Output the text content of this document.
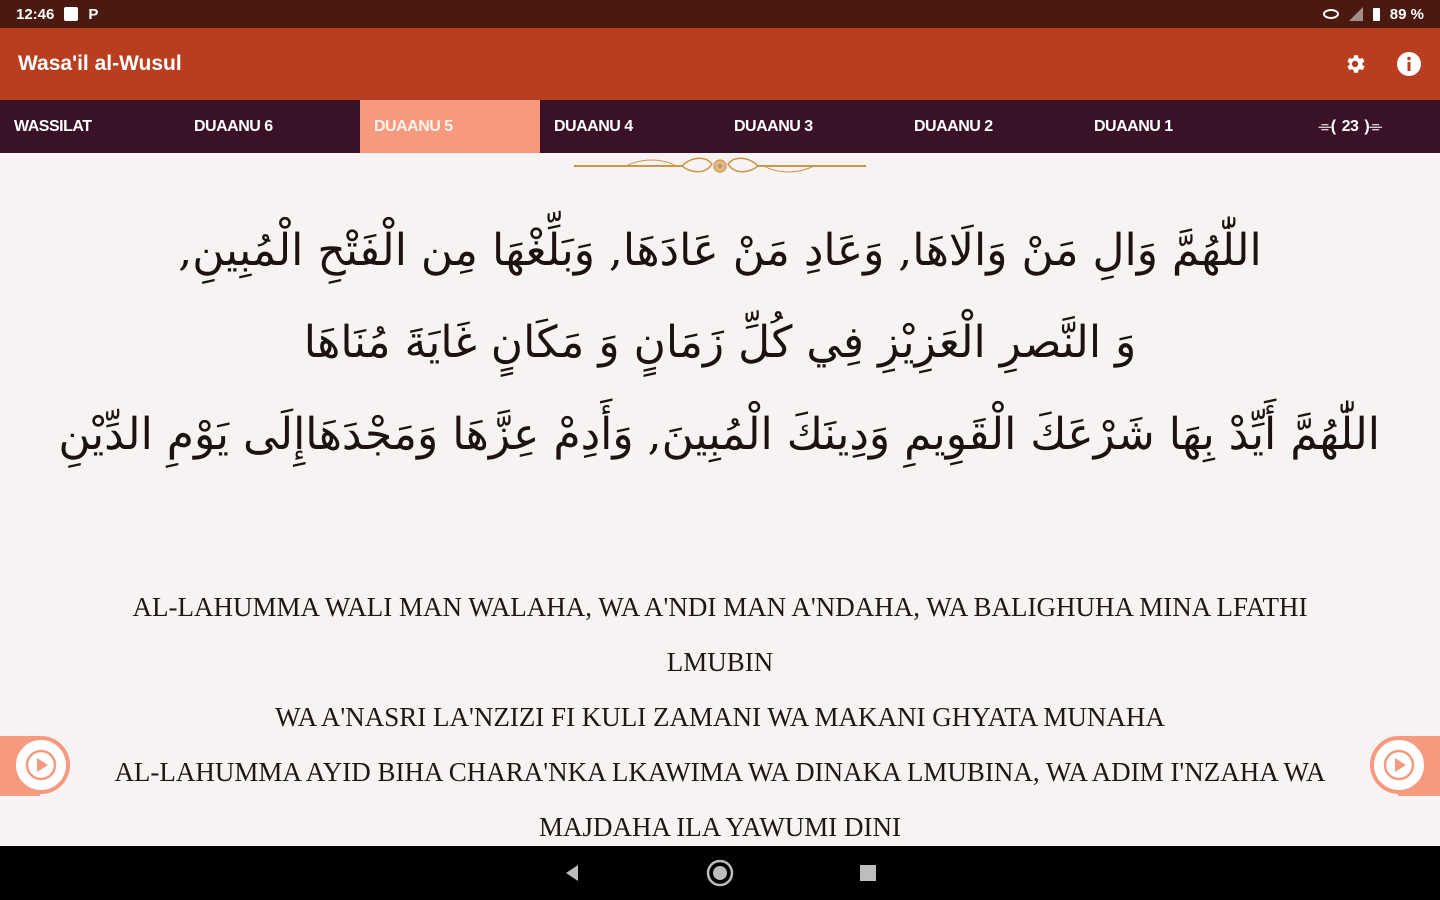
12:46 P	89 %
Wasa'il al-Wusul
WASSILAT	DUAANU 6	DUAANU 5	DUAANU 4	DUAANU 3	DUAANU 2	DUAANU 1	⌯( 23 )⌯
اللّٰهُمَّ وَالِ مَنْ وَالَاهَا, وَعَادِ مَنْ عَادَهَا, وَبَلِّغْهَا مِن الْفَتْحِ الْمُبِينِ,
وَ النَّصرِ الْعَزِيْزِ فِي كُلِّ زَمَانٍ وَ مَكَانٍ غَايَةَ مُنَاهَا
اللّٰهُمَّ أَيِّدْ بِهَا شَرْعَكَ الْقَوِيمِ وَدِينَكَ الْمُبِينَ, وَأَدِمْ عِزَّهَا وَمَجْدَهَاإِلَى يَوْمِ الدِّيْنِ
AL-LAHUMMA WALI MAN WALAHA, WA A'NDI MAN A'NDAHA, WA BALIGHUHA MINA LFATHI
LMUBIN
WA A'NASRI LA'NZIZI FI KULI ZAMANI WA MAKANI GHYATA MUNAHA
AL-LAHUMMA AYID BIHA CHARA'NKA LKAWIMA WA DINAKA LMUBINA, WA ADIM I'NZAHA WA
MAJDAHA ILA YAWUMI DINI
